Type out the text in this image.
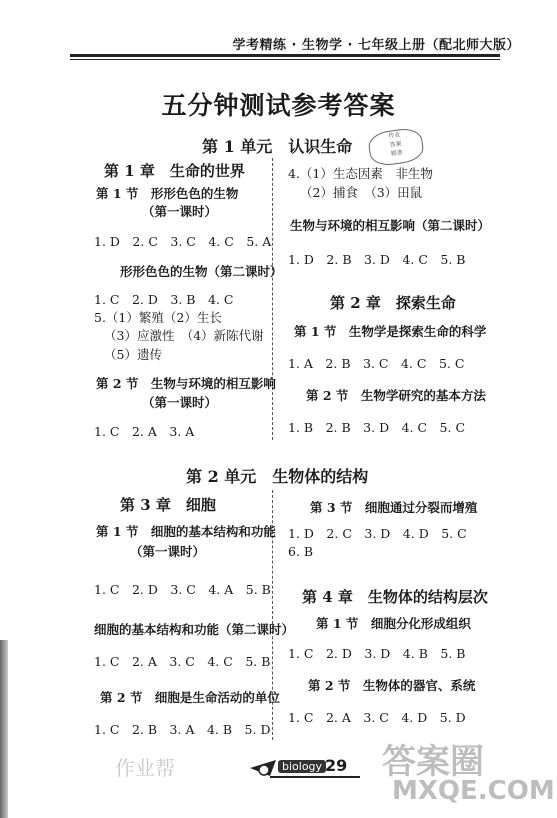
学考精练 · 生物学 · 七年级上册（配北师大版）
五分钟测试参考答案
第 1 单元　认识生命
作业
答案
精准
第 1 章　生命的世界
第 1 节　形形色色的生物
（第一课时）
1. D　2. C　3. C　4. C　5. A
形形色色的生物（第二课时）
1. C　2. D　3. B　4. C
5.（1）繁殖（2）生长
（3）应激性　（4）新陈代谢
（5）遗传
第 2 节　生物与环境的相互影响
（第一课时）
1. C　2. A　3. A
4.（1）生态因素　非生物
（2）捕食　（3）田鼠
生物与环境的相互影响（第二课时）
1. D　2. B　3. D　4. C　5. B
第 2 章　探索生命
第 1 节　生物学是探索生命的科学
1. A　2. B　3. C　4. C　5. C
第 2 节　生物学研究的基本方法
1. B　2. B　3. D　4. C　5. C
第 2 单元　生物体的结构
第 3 章　细胞
第 1 节　细胞的基本结构和功能
（第一课时）
1. C　2. D　3. C　4. A　5. B
细胞的基本结构和功能（第二课时）
1. C　2. A　3. C　4. C　5. B
第 2 节　细胞是生命活动的单位
1. C　2. B　3. A　4. B　5. D
第 3 节　细胞通过分裂而增殖
1. D　2. C　3. D　4. D　5. C
6. B
第 4 章　生物体的结构层次
第 1 节　细胞分化形成组织
1. C　2. D　3. D　4. B　5. B
第 2 节　生物体的器官、系统
1. C　2. A　3. C　4. D　5. D
biology 29
作业帮	答案圈
MXQE.COM
